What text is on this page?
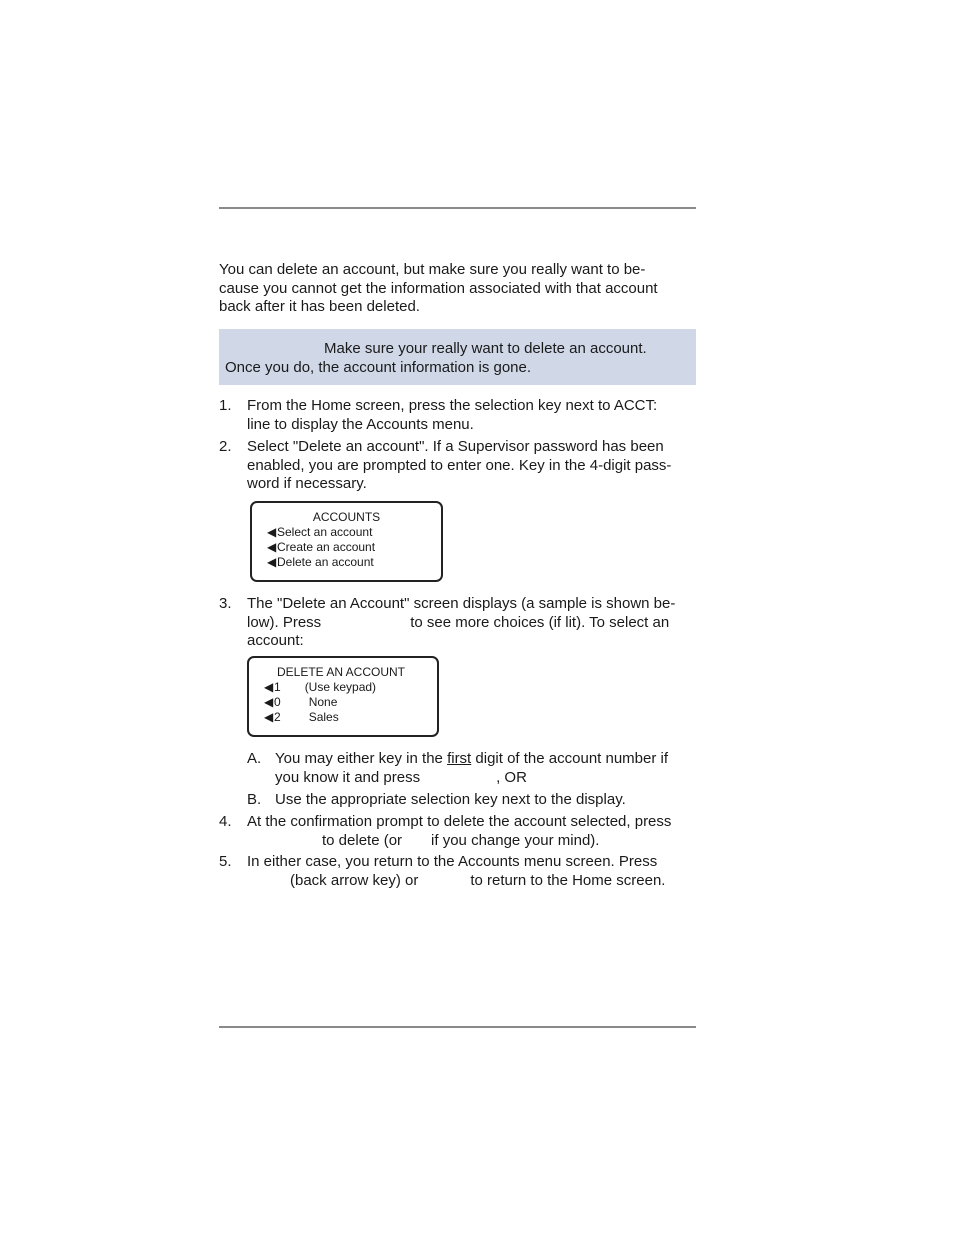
You can delete an account, but make sure you really want to be-
cause you cannot get the information associated with that account
back after it has been deleted.
Make sure your really want to delete an account.
Once you do, the account information is gone.
1. From the Home screen, press the selection key next to ACCT:
line to display the Accounts menu.
2. Select "Delete an account". If a Supervisor password has been
enabled, you are prompted to enter one. Key in the 4-digit pass-
word if necessary.
ACCOUNTS
◀Select an account
◀Create an account
◀Delete an account
3. The "Delete an Account" screen displays (a sample is shown be-
low). Press	to see more choices (if lit). To select an
account:
DELETE AN ACCOUNT
◀1 (Use keypad)
◀0 None
◀2 Sales
A. You may either key in the first digit of the account number if
you know it and press	, OR
B. Use the appropriate selection key next to the display.
4. At the confirmation prompt to delete the account selected, press
to delete (or if you change your mind).
5. In either case, you return to the Accounts menu screen. Press
(back arrow key) or	to return to the Home screen.
